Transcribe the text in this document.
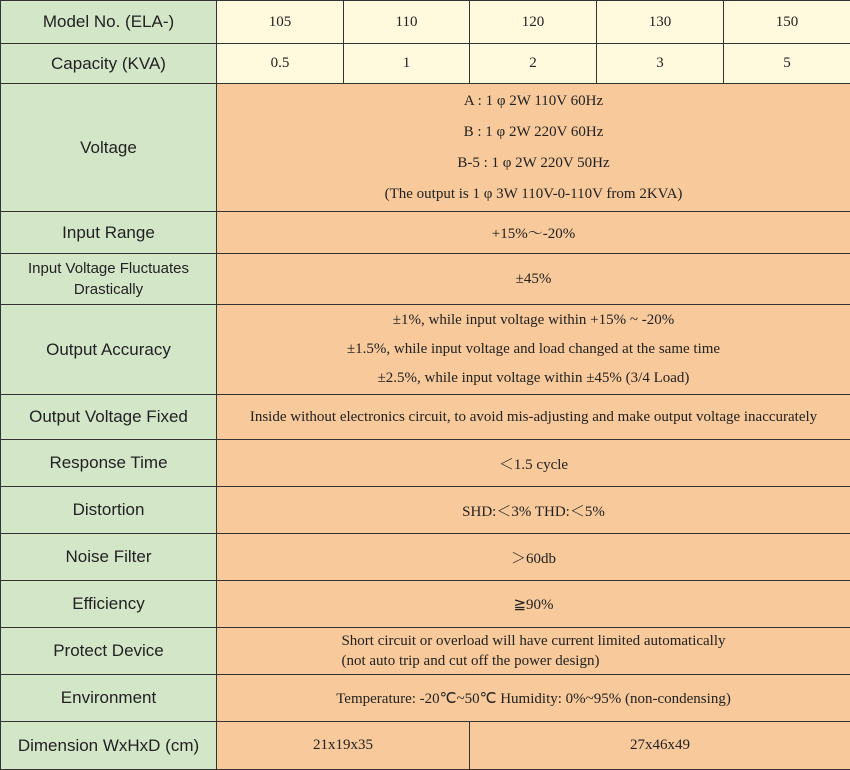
Model No. (ELA-)	105	110	120	130	150
Capacity (KVA)	0.5	1	2	3	5
Voltage	A : 1 φ 2W 110V 60Hz
B : 1 φ 2W 220V 60Hz
B-5 : 1 φ 2W 220V 50Hz
(The output is 1 φ 3W 110V-0-110V from 2KVA)				

Input Range	+15%～-20%				

Input Voltage Fluctuates
Drastically	±45%				
Output Accuracy	±1%, while input voltage within +15% ~ -20%
±1.5%, while input voltage and load changed at the same time
±2.5%, while input voltage within ±45% (3/4 Load)				

Output Voltage Fixed	Inside without electronics circuit, to avoid mis-adjusting and make output voltage inaccurately				
Response Time	＜1.5 cycle				
Distortion	SHD:＜3% THD:＜5%				
Noise Filter	＞60db				
Efficiency	≧90%				
Protect Device	Short circuit or overload will have current limited automatically
(not auto trip and cut off the power design)				

Environment	Temperature: -20℃~50℃ Humidity: 0%~95% (non-condensing)				
Dimension WxHxD (cm)	21x19x35		27x46x49		
